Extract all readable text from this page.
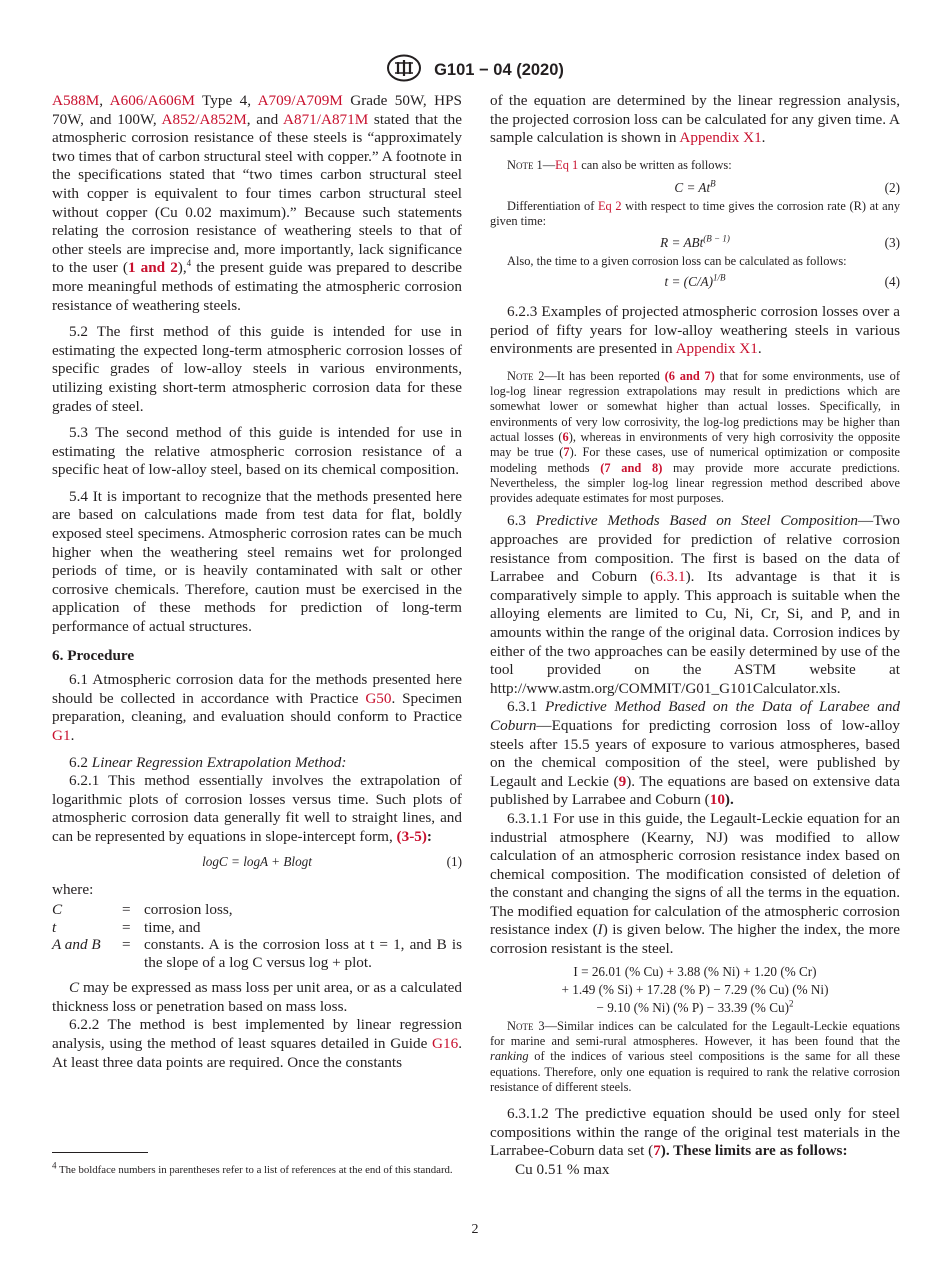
G101 − 04 (2020)

A588M, A606/A606M Type 4, A709/A709M Grade 50W, HPS 70W, and 100W, A852/A852M, and A871/A871M stated that the atmospheric corrosion resistance of these steels is “approximately two times that of carbon structural steel with copper.” A footnote in the specifications stated that “two times carbon structural steel with copper is equivalent to four times carbon structural steel without copper (Cu 0.02 maximum).” Because such statements relating the corrosion resistance of weathering steels to that of other steels are imprecise and, more importantly, lack significance to the user (1 and 2),$^4$ the present guide was prepared to describe more meaningful methods of estimating the atmospheric corrosion resistance of weathering steels.

5.2 The first method of this guide is intended for use in estimating the expected long-term atmospheric corrosion losses of specific grades of low-alloy steels in various environments, utilizing existing short-term atmospheric corrosion data for these grades of steel.

5.3 The second method of this guide is intended for use in estimating the relative atmospheric corrosion resistance of a specific heat of low-alloy steel, based on its chemical composition.

5.4 It is important to recognize that the methods presented here are based on calculations made from test data for flat, boldly exposed steel specimens. Atmospheric corrosion rates can be much higher when the weathering steel remains wet for prolonged periods of time, or is heavily contaminated with salt or other corrosive chemicals. Therefore, caution must be exercised in the application of these methods for prediction of long-term performance of actual structures.

6. Procedure

6.1 Atmospheric corrosion data for the methods presented here should be collected in accordance with Practice G50. Specimen preparation, cleaning, and evaluation should conform to Practice G1.

6.2 Linear Regression Extrapolation Method:

6.2.1 This method essentially involves the extrapolation of logarithmic plots of corrosion losses versus time. Such plots of atmospheric corrosion data generally fit well to straight lines, and can be represented by equations in slope-intercept form, (3-5):

logC = logA + Blogt	(1)

where:

C	= corrosion loss,
t	= time, and
A and B	= constants. A is the corrosion loss at t = 1, and B is the slope of a log C versus log + plot.

C may be expressed as mass loss per unit area, or as a calculated thickness loss or penetration based on mass loss.

6.2.2 The method is best implemented by linear regression analysis, using the method of least squares detailed in Guide G16. At least three data points are required. Once the constants

$^4$ The boldface numbers in parentheses refer to a list of references at the end of this standard.

of the equation are determined by the linear regression analysis, the projected corrosion loss can be calculated for any given time. A sample calculation is shown in Appendix X1.

Note 1—Eq 1 can also be written as follows:

$C = At^B$	(2)

Differentiation of Eq 2 with respect to time gives the corrosion rate (R) at any given time:

R = ABt$^{(B - 1)}$	(3)

Also, the time to a given corrosion loss can be calculated as follows:

$t = (C/A)^{1/B}$	(4)

6.2.3 Examples of projected atmospheric corrosion losses over a period of fifty years for low-alloy weathering steels in various environments are presented in Appendix X1.

Note 2—It has been reported (6 and 7) that for some environments, use of log-log linear regression extrapolations may result in predictions which are somewhat lower or somewhat higher than actual losses. Specifically, in environments of very low corrosivity, the log-log predictions may be higher than actual losses (6), whereas in environments of very high corrosivity the opposite may be true (7). For these cases, use of numerical optimization or composite modeling methods (7 and 8) may provide more accurate predictions. Nevertheless, the simpler log-log linear regression method described above provides adequate estimates for most purposes.

6.3 Predictive Methods Based on Steel Composition—Two approaches are provided for prediction of relative corrosion resistance from composition. The first is based on the data of Larrabee and Coburn (6.3.1). Its advantage is that it is comparatively simple to apply. This approach is suitable when the alloying elements are limited to Cu, Ni, Cr, Si, and P, and in amounts within the range of the original data. Corrosion indices by either of the two approaches can be easily determined by use of the tool provided on the ASTM website at http://www.astm.org/COMMIT/G01_G101Calculator.xls.

6.3.1 Predictive Method Based on the Data of Larabee and Coburn—Equations for predicting corrosion loss of low-alloy steels after 15.5 years of exposure to various atmospheres, based on the chemical composition of the steel, were published by Legault and Leckie (9). The equations are based on extensive data published by Larrabee and Coburn (10).

6.3.1.1 For use in this guide, the Legault-Leckie equation for an industrial atmosphere (Kearny, NJ) was modified to allow calculation of an atmospheric corrosion resistance index based on chemical composition. The modification consisted of deletion of the constant and changing the signs of all the terms in the equation. The modified equation for calculation of the atmospheric corrosion resistance index (I) is given below. The higher the index, the more corrosion resistant is the steel.

I = 26.01 (% Cu) + 3.88 (% Ni) + 1.20 (% Cr)
+ 1.49 (% Si) + 17.28 (% P) − 7.29 (% Cu) (% Ni)
− 9.10 (% Ni) (% P) − 33.39 (% Cu)$^2$

Note 3—Similar indices can be calculated for the Legault-Leckie equations for marine and semi-rural atmospheres. However, it has been found that the ranking of the indices of various steel compositions is the same for all these equations. Therefore, only one equation is required to rank the relative corrosion resistance of different steels.

6.3.1.2 The predictive equation should be used only for steel compositions within the range of the original test materials in the Larrabee-Coburn data set (7). These limits are as follows:

Cu 0.51 % max

2
